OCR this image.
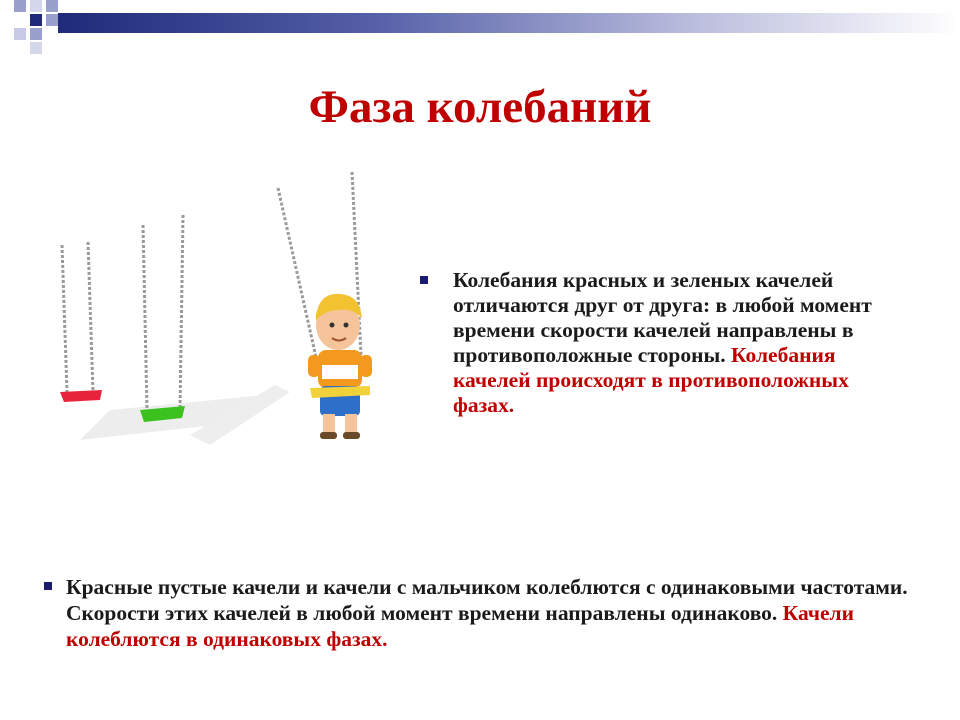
Фаза колебаний
Колебания красных и зеленых качелей отличаются друг от друга: в любой момент времени скорости качелей направлены в противоположные стороны. Колебания качелей происходят в противоположных фазах.
Красные пустые качели и качели с мальчиком колеблются с одинаковыми частотами. Скорости этих качелей в любой момент времени направлены одинаково. Качели колеблются в одинаковых фазах.
